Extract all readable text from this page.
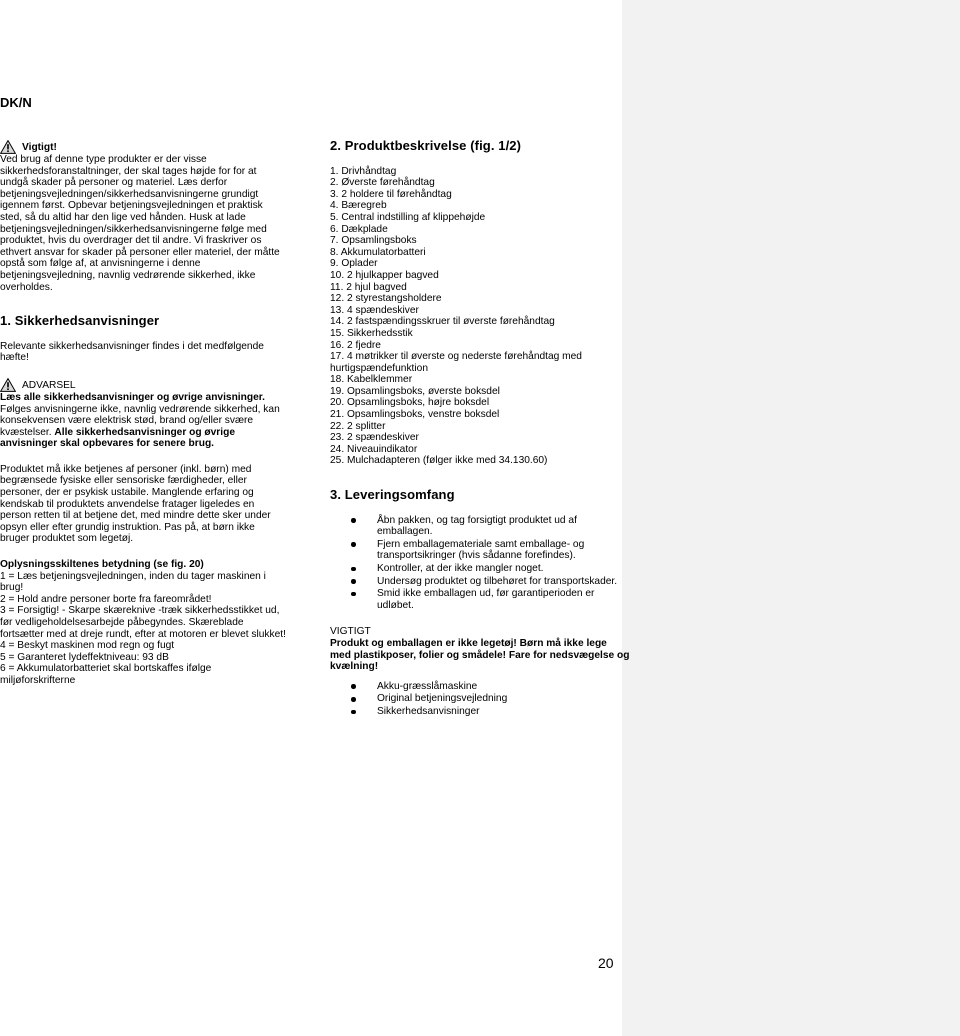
DK/N
Vigtigt!

Ved brug af denne type produkter er der visse sikkerhedsforanstaltninger, der skal tages højde for for at undgå skader på personer og materiel. Læs derfor betjeningsvejledningen/sikkerhedsanvisningerne grundigt igennem først. Opbevar betjeningsvejledningen et praktisk sted, så du altid har den lige ved hånden. Husk at lade betjeningsvejledningen/sikkerhedsanvisningerne følge med produktet, hvis du overdrager det til andre. Vi fraskriver os ethvert ansvar for skader på personer eller materiel, der måtte opstå som følge af, at anvisningerne i denne betjeningsvejledning, navnlig vedrørende sikkerhed, ikke overholdes.

1. Sikkerhedsanvisninger

Relevante sikkerhedsanvisninger findes i det medfølgende hæfte!

ADVARSEL

Læs alle sikkerhedsanvisninger og øvrige anvisninger. Følges anvisningerne ikke, navnlig vedrørende sikkerhed, kan konsekvensen være elektrisk stød, brand og/eller svære kvæstelser. Alle sikkerhedsanvisninger og øvrige anvisninger skal opbevares for senere brug.

Produktet må ikke betjenes af personer (inkl. børn) med begrænsede fysiske eller sensoriske færdigheder, eller personer, der er psykisk ustabile. Manglende erfaring og kendskab til produktets anvendelse fratager ligeledes en person retten til at betjene det, med mindre dette sker under opsyn eller efter grundig instruktion. Pas på, at børn ikke bruger produktet som legetøj.

Oplysningsskiltenes betydning (se fig. 20)

1 = Læs betjeningsvejledningen, inden du tager maskinen i brug!

2 = Hold andre personer borte fra fareområdet!

3 = Forsigtig! - Skarpe skæreknive -træk sikkerhedsstikket ud, før vedligeholdelsesarbejde påbegyndes. Skæreblade fortsætter med at dreje rundt, efter at motoren er blevet slukket!

4 = Beskyt maskinen mod regn og fugt

5 = Garanteret lydeffektniveau: 93 dB

6 = Akkumulatorbatteriet skal bortskaffes ifølge miljøforskrifterne

2. Produktbeskrivelse (fig. 1/2)

1. Drivhåndtag

2. Øverste førehåndtag

3. 2 holdere til førehåndtag

4. Bæregreb

5. Central indstilling af klippehøjde

6. Dækplade

7. Opsamlingsboks

8. Akkumulatorbatteri

9. Oplader

10. 2 hjulkapper bagved

11. 2 hjul bagved

12. 2 styrestangsholdere

13. 4 spændeskiver

14. 2 fastspændingsskruer til øverste førehåndtag

15. Sikkerhedsstik

16. 2 fjedre

17. 4 møtrikker til øverste og nederste førehåndtag med hurtigspændefunktion

18. Kabelklemmer

19. Opsamlingsboks, øverste boksdel

20. Opsamlingsboks, højre boksdel

21. Opsamlingsboks, venstre boksdel

22. 2 splitter

23. 2 spændeskiver

24. Niveauindikator

25. Mulchadapteren (følger ikke med 34.130.60)

3. Leveringsomfang

Åbn pakken, og tag forsigtigt produktet ud af emballagen.
Fjern emballagemateriale samt emballage- og transportsikringer (hvis sådanne forefindes).
Kontroller, at der ikke mangler noget.
Undersøg produktet og tilbehøret for transportskader.
Smid ikke emballagen ud, før garantiperioden er udløbet.

VIGTIGT

Produkt og emballagen er ikke legetøj! Børn må ikke lege med plastikposer, folier og smådele! Fare for nedsvægelse og kvælning!

Akku-græsslåmaskine
Original betjeningsvejledning
Sikkerhedsanvisninger
20
